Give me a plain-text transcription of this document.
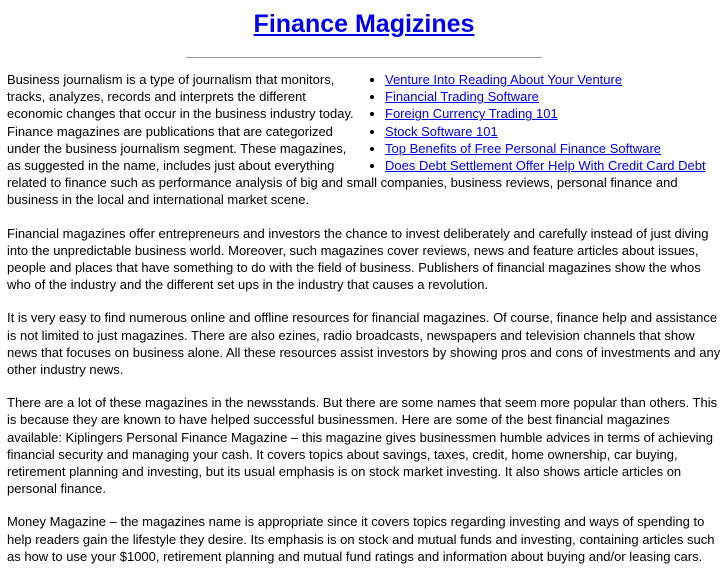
Finance Magizines
• Venture Into Reading About Your Venture
• Financial Trading Software
• Foreign Currency Trading 101
• Stock Software 101
• Top Benefits of Free Personal Finance Software
• Does Debt Settlement Offer Help With Credit Card Debt

Business journalism is a type of journalism that monitors, tracks, analyzes, records and interprets the different economic changes that occur in the business industry today. Finance magazines are publications that are categorized under the business journalism segment. These magazines, as suggested in the name, includes just about everything related to finance such as performance analysis of big and small companies, business reviews, personal finance and business in the local and international market scene.

Financial magazines offer entrepreneurs and investors the chance to invest deliberately and carefully instead of just diving into the unpredictable business world. Moreover, such magazines cover reviews, news and feature articles about issues, people and places that have something to do with the field of business. Publishers of financial magazines show the whos who of the industry and the different set ups in the industry that causes a revolution.

It is very easy to find numerous online and offline resources for financial magazines. Of course, finance help and assistance is not limited to just magazines. There are also ezines, radio broadcasts, newspapers and television channels that show news that focuses on business alone. All these resources assist investors by showing pros and cons of investments and any other industry news.

There are a lot of these magazines in the newsstands. But there are some names that seem more popular than others. This is because they are known to have helped successful businessmen. Here are some of the best financial magazines available: Kiplingers Personal Finance Magazine – this magazine gives businessmen humble advices in terms of achieving financial security and managing your cash. It covers topics about savings, taxes, credit, home ownership, car buying, retirement planning and investing, but its usual emphasis is on stock market investing. It also shows article articles on personal finance.

Money Magazine – the magazines name is appropriate since it covers topics regarding investing and ways of spending to help readers gain the lifestyle they desire. Its emphasis is on stock and mutual funds and investing, containing articles such as how to use your $1000, retirement planning and mutual fund ratings and information about buying and/or leasing cars.
